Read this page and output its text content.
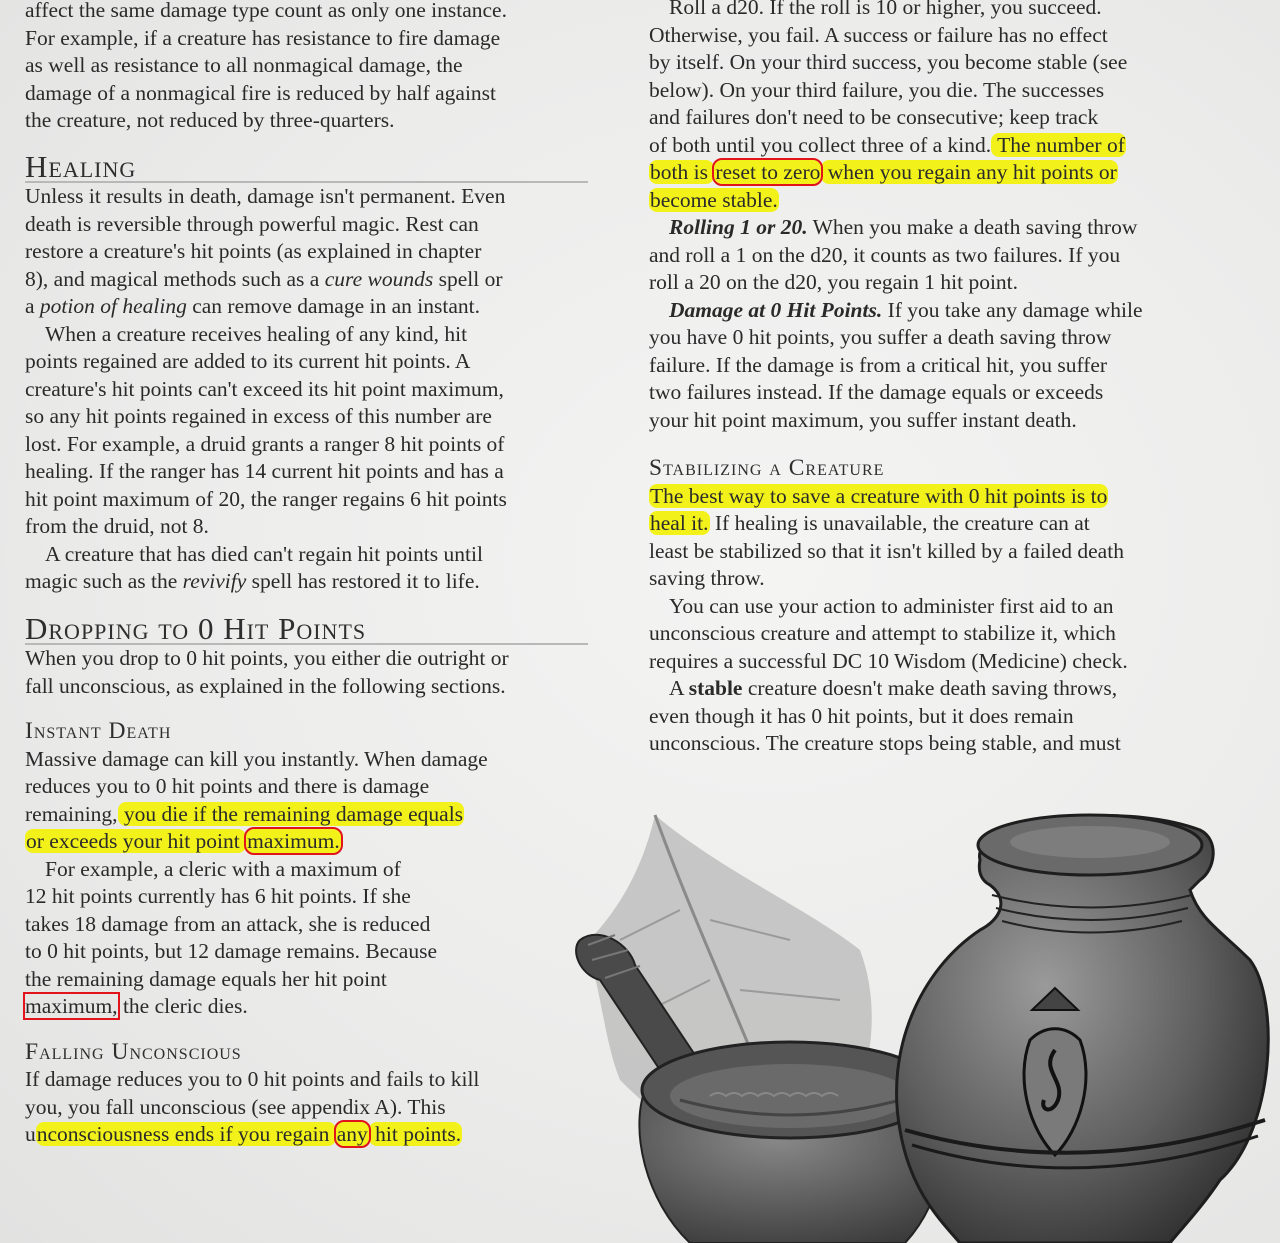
affect the same damage type count as only one instance.
For example, if a creature has resistance to fire damage
as well as resistance to all nonmagical damage, the
damage of a nonmagical fire is reduced by half against
the creature, not reduced by three-quarters.
Healing
Unless it results in death, damage isn't permanent. Even
death is reversible through powerful magic. Rest can
restore a creature's hit points (as explained in chapter
8), and magical methods such as a cure wounds spell or
a potion of healing can remove damage in an instant.
When a creature receives healing of any kind, hit
points regained are added to its current hit points. A
creature's hit points can't exceed its hit point maximum,
so any hit points regained in excess of this number are
lost. For example, a druid grants a ranger 8 hit points of
healing. If the ranger has 14 current hit points and has a
hit point maximum of 20, the ranger regains 6 hit points
from the druid, not 8.
A creature that has died can't regain hit points until
magic such as the revivify spell has restored it to life.
Dropping to 0 Hit Points
When you drop to 0 hit points, you either die outright or
fall unconscious, as explained in the following sections.
Instant Death
Massive damage can kill you instantly. When damage
reduces you to 0 hit points and there is damage
remaining, you die if the remaining damage equals
or exceeds your hit point maximum.
For example, a cleric with a maximum of
12 hit points currently has 6 hit points. If she
takes 18 damage from an attack, she is reduced
to 0 hit points, but 12 damage remains. Because
the remaining damage equals her hit point
maximum, the cleric dies.
Falling Unconscious
If damage reduces you to 0 hit points and fails to kill
you, you fall unconscious (see appendix A). This
unconsciousness ends if you regain any hit points.
Roll a d20. If the roll is 10 or higher, you succeed.
Otherwise, you fail. A success or failure has no effect
by itself. On your third success, you become stable (see
below). On your third failure, you die. The successes
and failures don't need to be consecutive; keep track
of both until you collect three of a kind. The number of
both is reset to zero when you regain any hit points or
become stable.
Rolling 1 or 20. When you make a death saving throw
and roll a 1 on the d20, it counts as two failures. If you
roll a 20 on the d20, you regain 1 hit point.
Damage at 0 Hit Points. If you take any damage while
you have 0 hit points, you suffer a death saving throw
failure. If the damage is from a critical hit, you suffer
two failures instead. If the damage equals or exceeds
your hit point maximum, you suffer instant death.
Stabilizing a Creature
The best way to save a creature with 0 hit points is to
heal it. If healing is unavailable, the creature can at
least be stabilized so that it isn't killed by a failed death
saving throw.
You can use your action to administer first aid to an
unconscious creature and attempt to stabilize it, which
requires a successful DC 10 Wisdom (Medicine) check.
A stable creature doesn't make death saving throws,
even though it has 0 hit points, but it does remain
unconscious. The creature stops being stable, and must
